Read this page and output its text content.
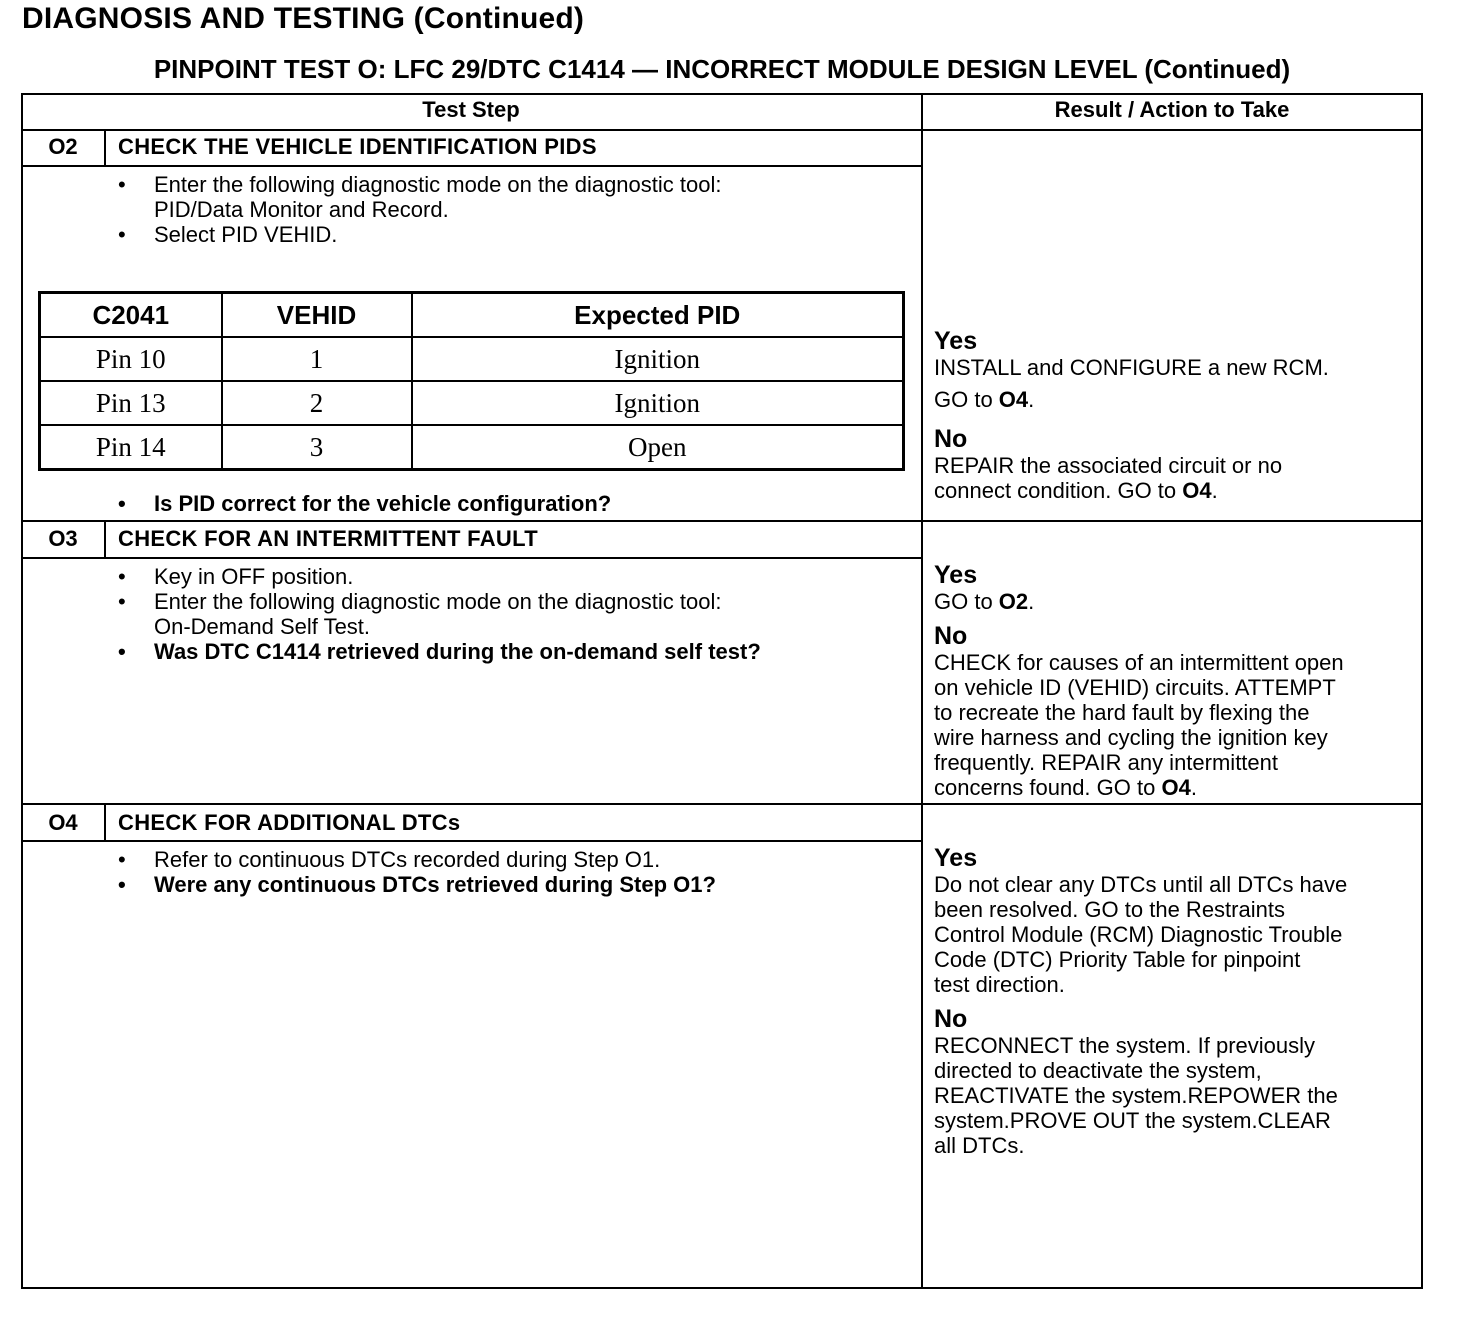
DIAGNOSIS AND TESTING (Continued)
PINPOINT TEST O: LFC 29/DTC C1414 — INCORRECT MODULE DESIGN LEVEL (Continued)
Test Step	Result / Action to Take
O2	CHECK THE VEHICLE IDENTIFICATION PIDS
• Enter the following diagnostic mode on the diagnostic tool:
PID/Data Monitor and Record.
• Select PID VEHID.
C2041	VEHID	Expected PID
Pin 10	1	Ignition
Pin 13	2	Ignition
Pin 14	3	Open
• Is PID correct for the vehicle configuration?
Yes
INSTALL and CONFIGURE a new RCM.
GO to O4.
No
REPAIR the associated circuit or no
connect condition. GO to O4.
O3	CHECK FOR AN INTERMITTENT FAULT
• Key in OFF position.
• Enter the following diagnostic mode on the diagnostic tool:
On-Demand Self Test.
• Was DTC C1414 retrieved during the on-demand self test?
Yes
GO to O2.
No
CHECK for causes of an intermittent open
on vehicle ID (VEHID) circuits. ATTEMPT
to recreate the hard fault by flexing the
wire harness and cycling the ignition key
frequently. REPAIR any intermittent
concerns found. GO to O4.
O4	CHECK FOR ADDITIONAL DTCs
• Refer to continuous DTCs recorded during Step O1.
• Were any continuous DTCs retrieved during Step O1?
Yes
Do not clear any DTCs until all DTCs have
been resolved. GO to the Restraints
Control Module (RCM) Diagnostic Trouble
Code (DTC) Priority Table for pinpoint
test direction.
No
RECONNECT the system. If previously
directed to deactivate the system,
REACTIVATE the system.REPOWER the
system.PROVE OUT the system.CLEAR
all DTCs.
